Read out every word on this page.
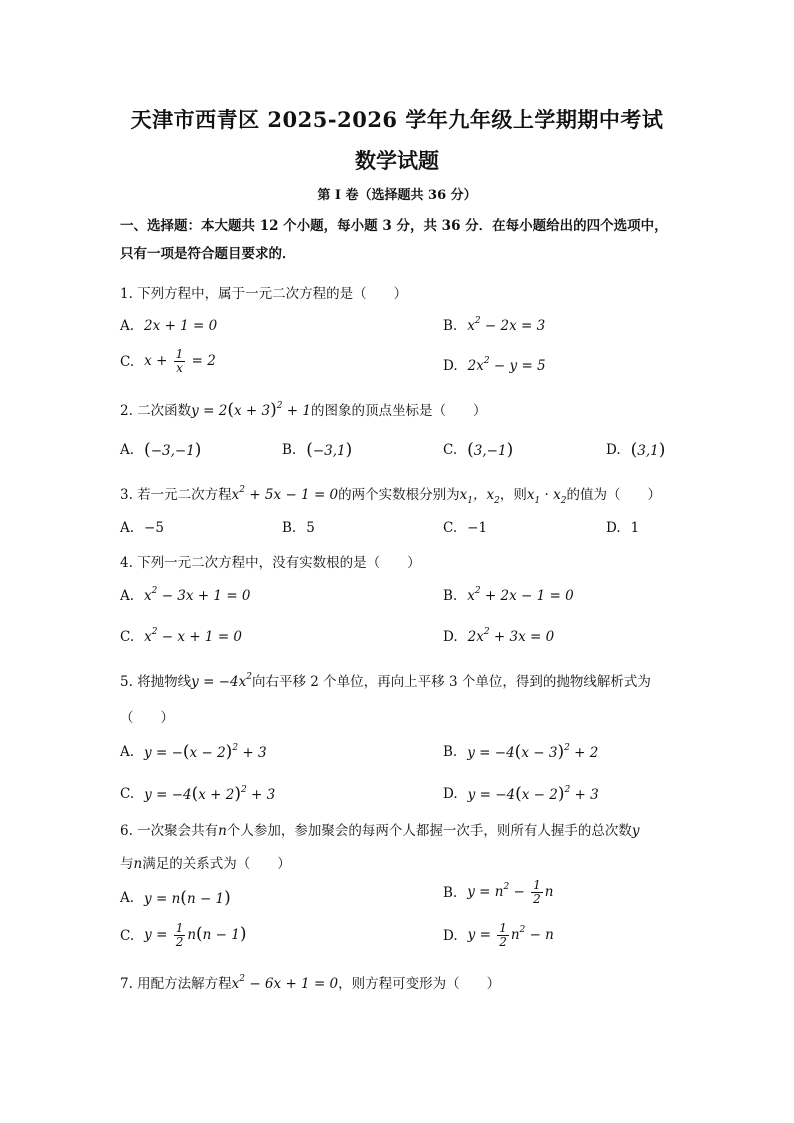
天津市西青区 2025-2026 学年九年级上学期期中考试
数学试题
第 I 卷（选择题共 36 分）
一、选择题：本大题共 12 个小题，每小题 3 分，共 36 分．在每小题给出的四个选项中，
只有一项是符合题目要求的．
1. 下列方程中，属于一元二次方程的是（　　）
A. 2x + 1 = 0	B. $x^2 - 2x = 3$
C. $x + \frac{1}{x} = 2$	D. $2x^2 - y = 5$
2. 二次函数$y = 2(x + 3)^2 + 1$的图象的顶点坐标是（　　）
A. (−3,−1)	B. (−3,1)	C. (3,−1)	D. (3,1)
3. 若一元二次方程$x^2 + 5x - 1 = 0$的两个实数根分别为$x_1$，$x_2$，则$x_1 \cdot x_2$的值为（　　）
A. −5	B. 5	C. −1	D. 1
4. 下列一元二次方程中，没有实数根的是（　　）
A. $x^2 - 3x + 1 = 0$	B. $x^2 + 2x - 1 = 0$
C. $x^2 - x + 1 = 0$	D. $2x^2 + 3x = 0$
5. 将抛物线$y = -4x^2$向右平移 2 个单位，再向上平移 3 个单位，得到的抛物线解析式为
（　　）
A. $y = -(x - 2)^2 + 3$	B. $y = -4(x - 3)^2 + 2$
C. $y = -4(x + 2)^2 + 3$	D. $y = -4(x - 2)^2 + 3$
6. 一次聚会共有n个人参加，参加聚会的每两个人都握一次手，则所有人握手的总次数y
与n满足的关系式为（　　）
A. y = n(n − 1)	B. $y = n^2 - \frac{1}{2}$ n
C. $y = \frac{1}{2} n(n - 1)$	D. $y = \frac{1}{2} n^2 - n$
7. 用配方法解方程$x^2 - 6x + 1 = 0$，则方程可变形为（　　）
